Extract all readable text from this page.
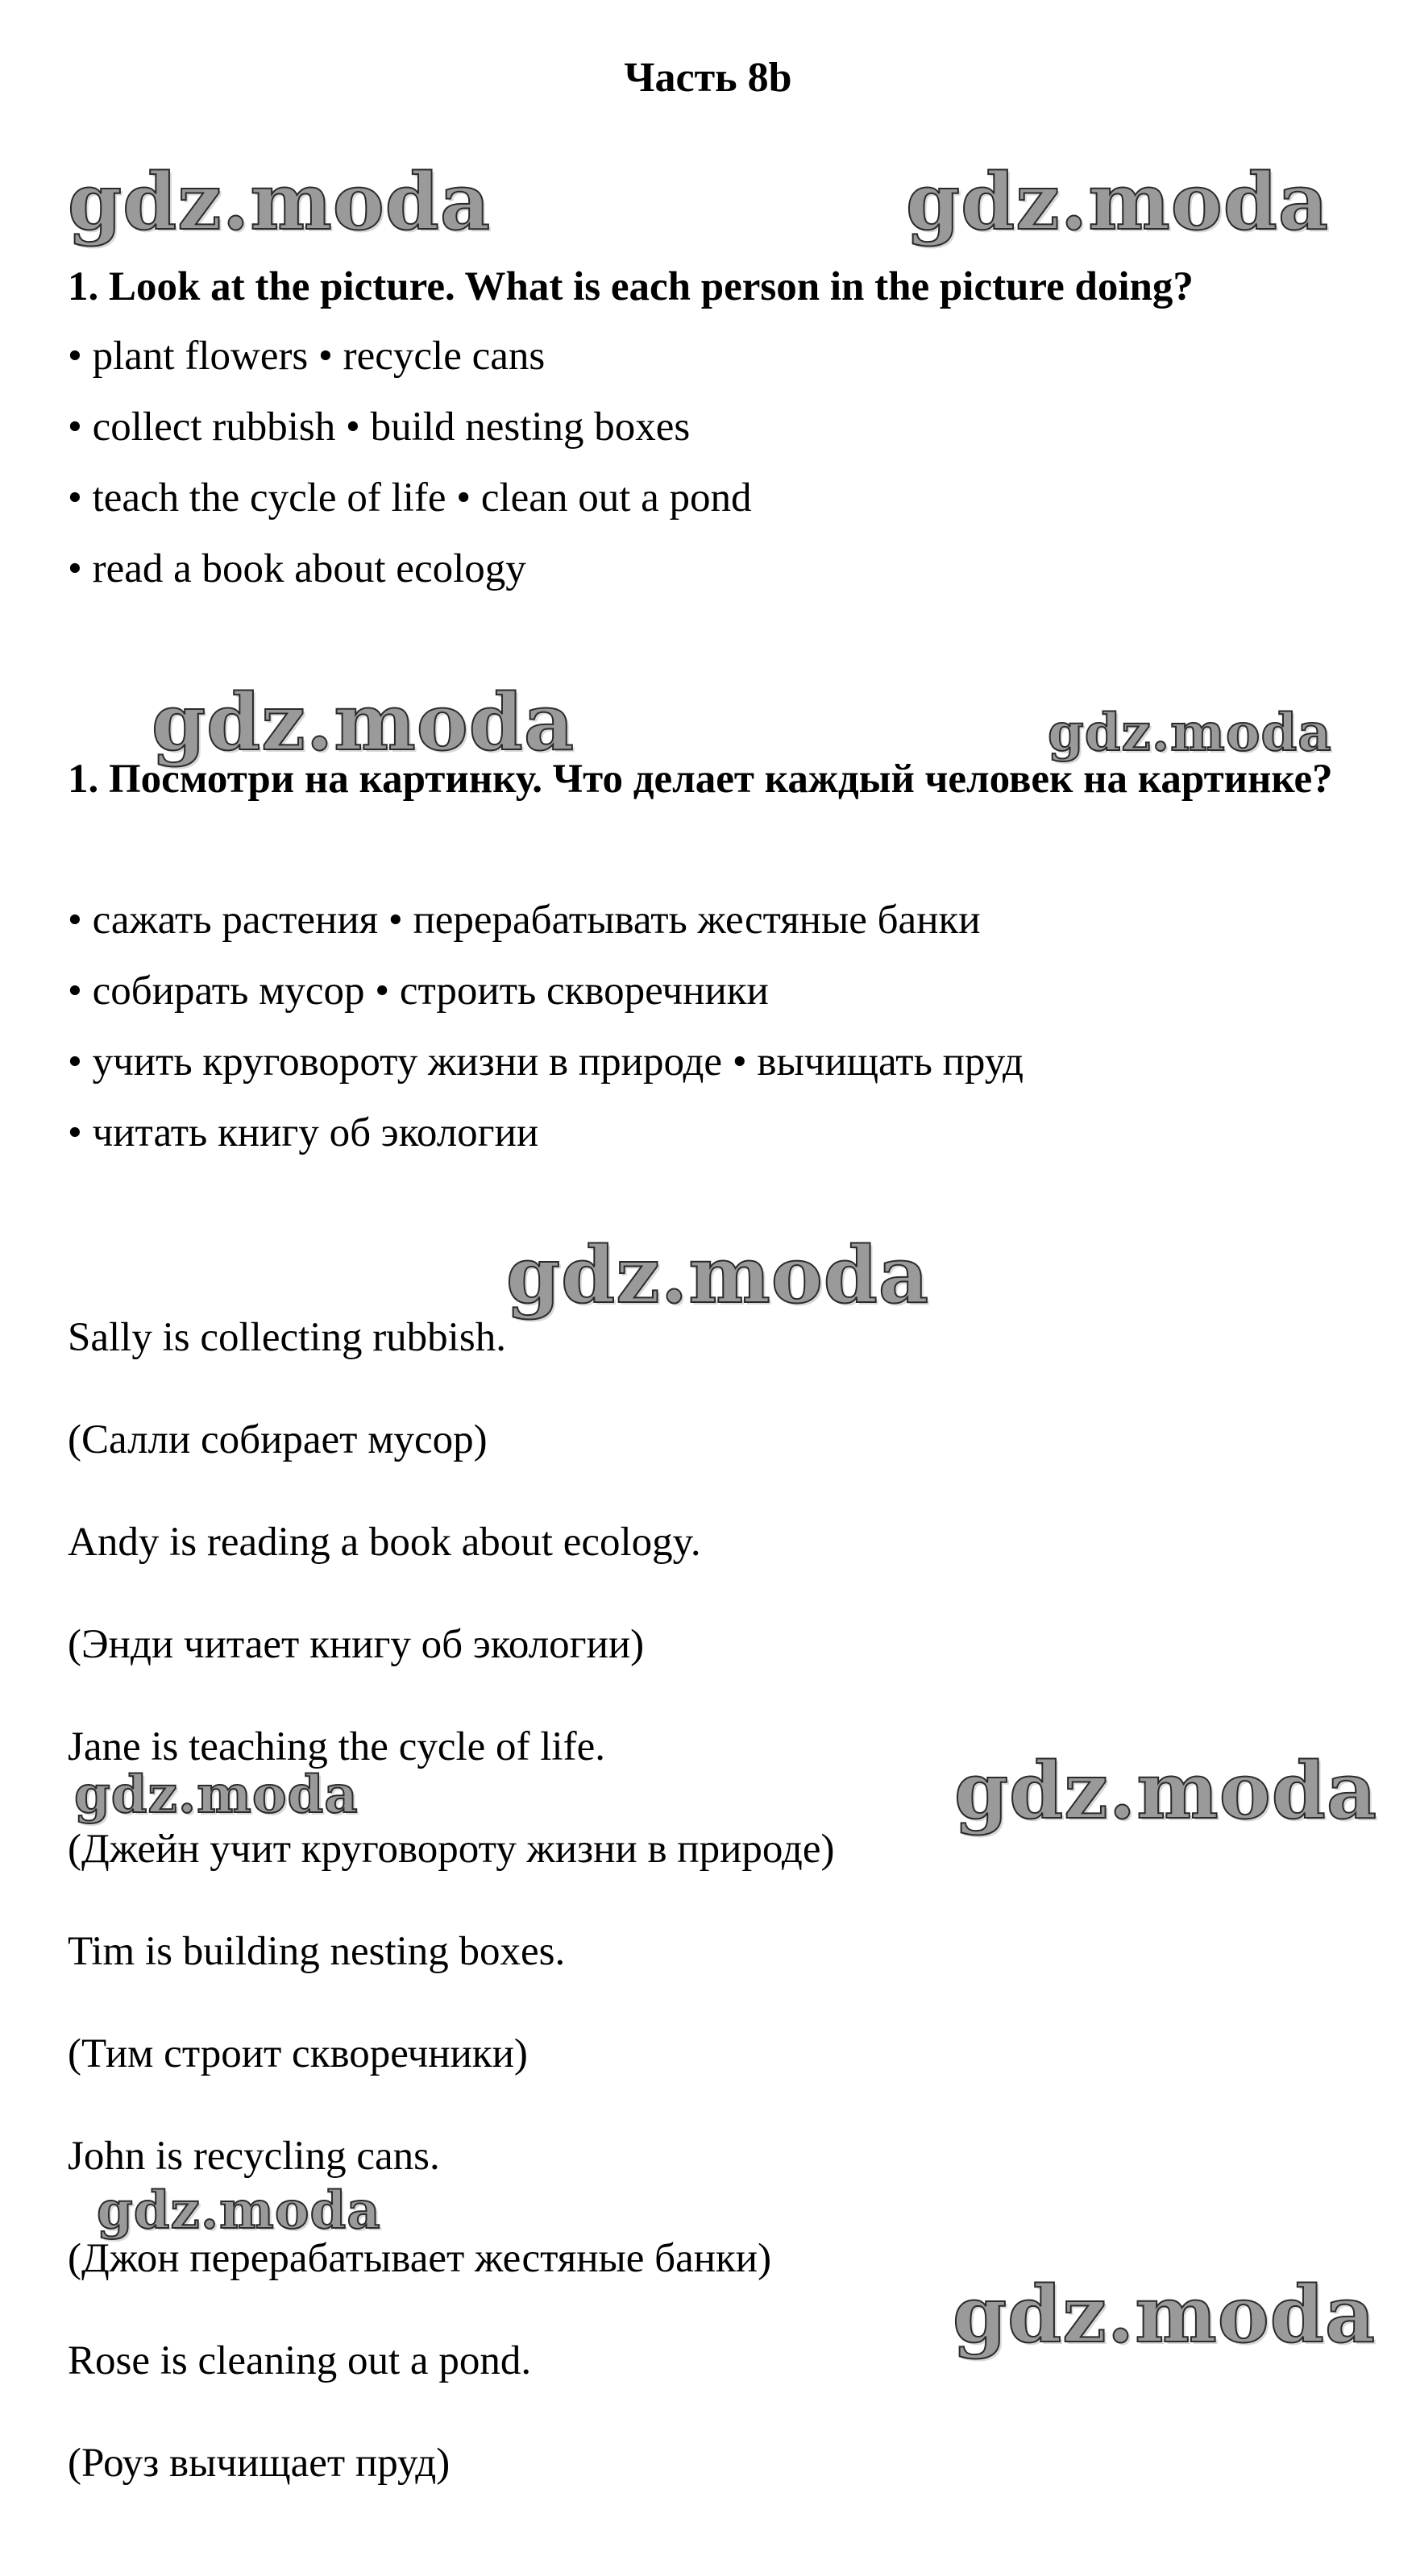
gdz.moda	gdz.moda
gdz.moda	gdz.moda
gdz.moda
gdz.moda	gdz.moda
gdz.moda
gdz.moda
Часть 8b
1. Look at the picture. What is each person in the picture doing?
• plant flowers • recycle cans
• collect rubbish • build nesting boxes
• teach the cycle of life • clean out a pond
• read a book about ecology
1. Посмотри на картинку. Что делает каждый человек на картинке?
• сажать растения • перерабатывать жестяные банки
• собирать мусор • строить скворечники
• учить круговороту жизни в природе • вычищать пруд
• читать книгу об экологии
Sally is collecting rubbish.
(Салли собирает мусор)
Andy is reading a book about ecology.
(Энди читает книгу об экологии)
Jane is teaching the cycle of life.
(Джейн учит круговороту жизни в природе)
Tim is building nesting boxes.
(Тим строит скворечники)
John is recycling cans.
(Джон перерабатывает жестяные банки)
Rose is cleaning out a pond.
(Роуз вычищает пруд)
